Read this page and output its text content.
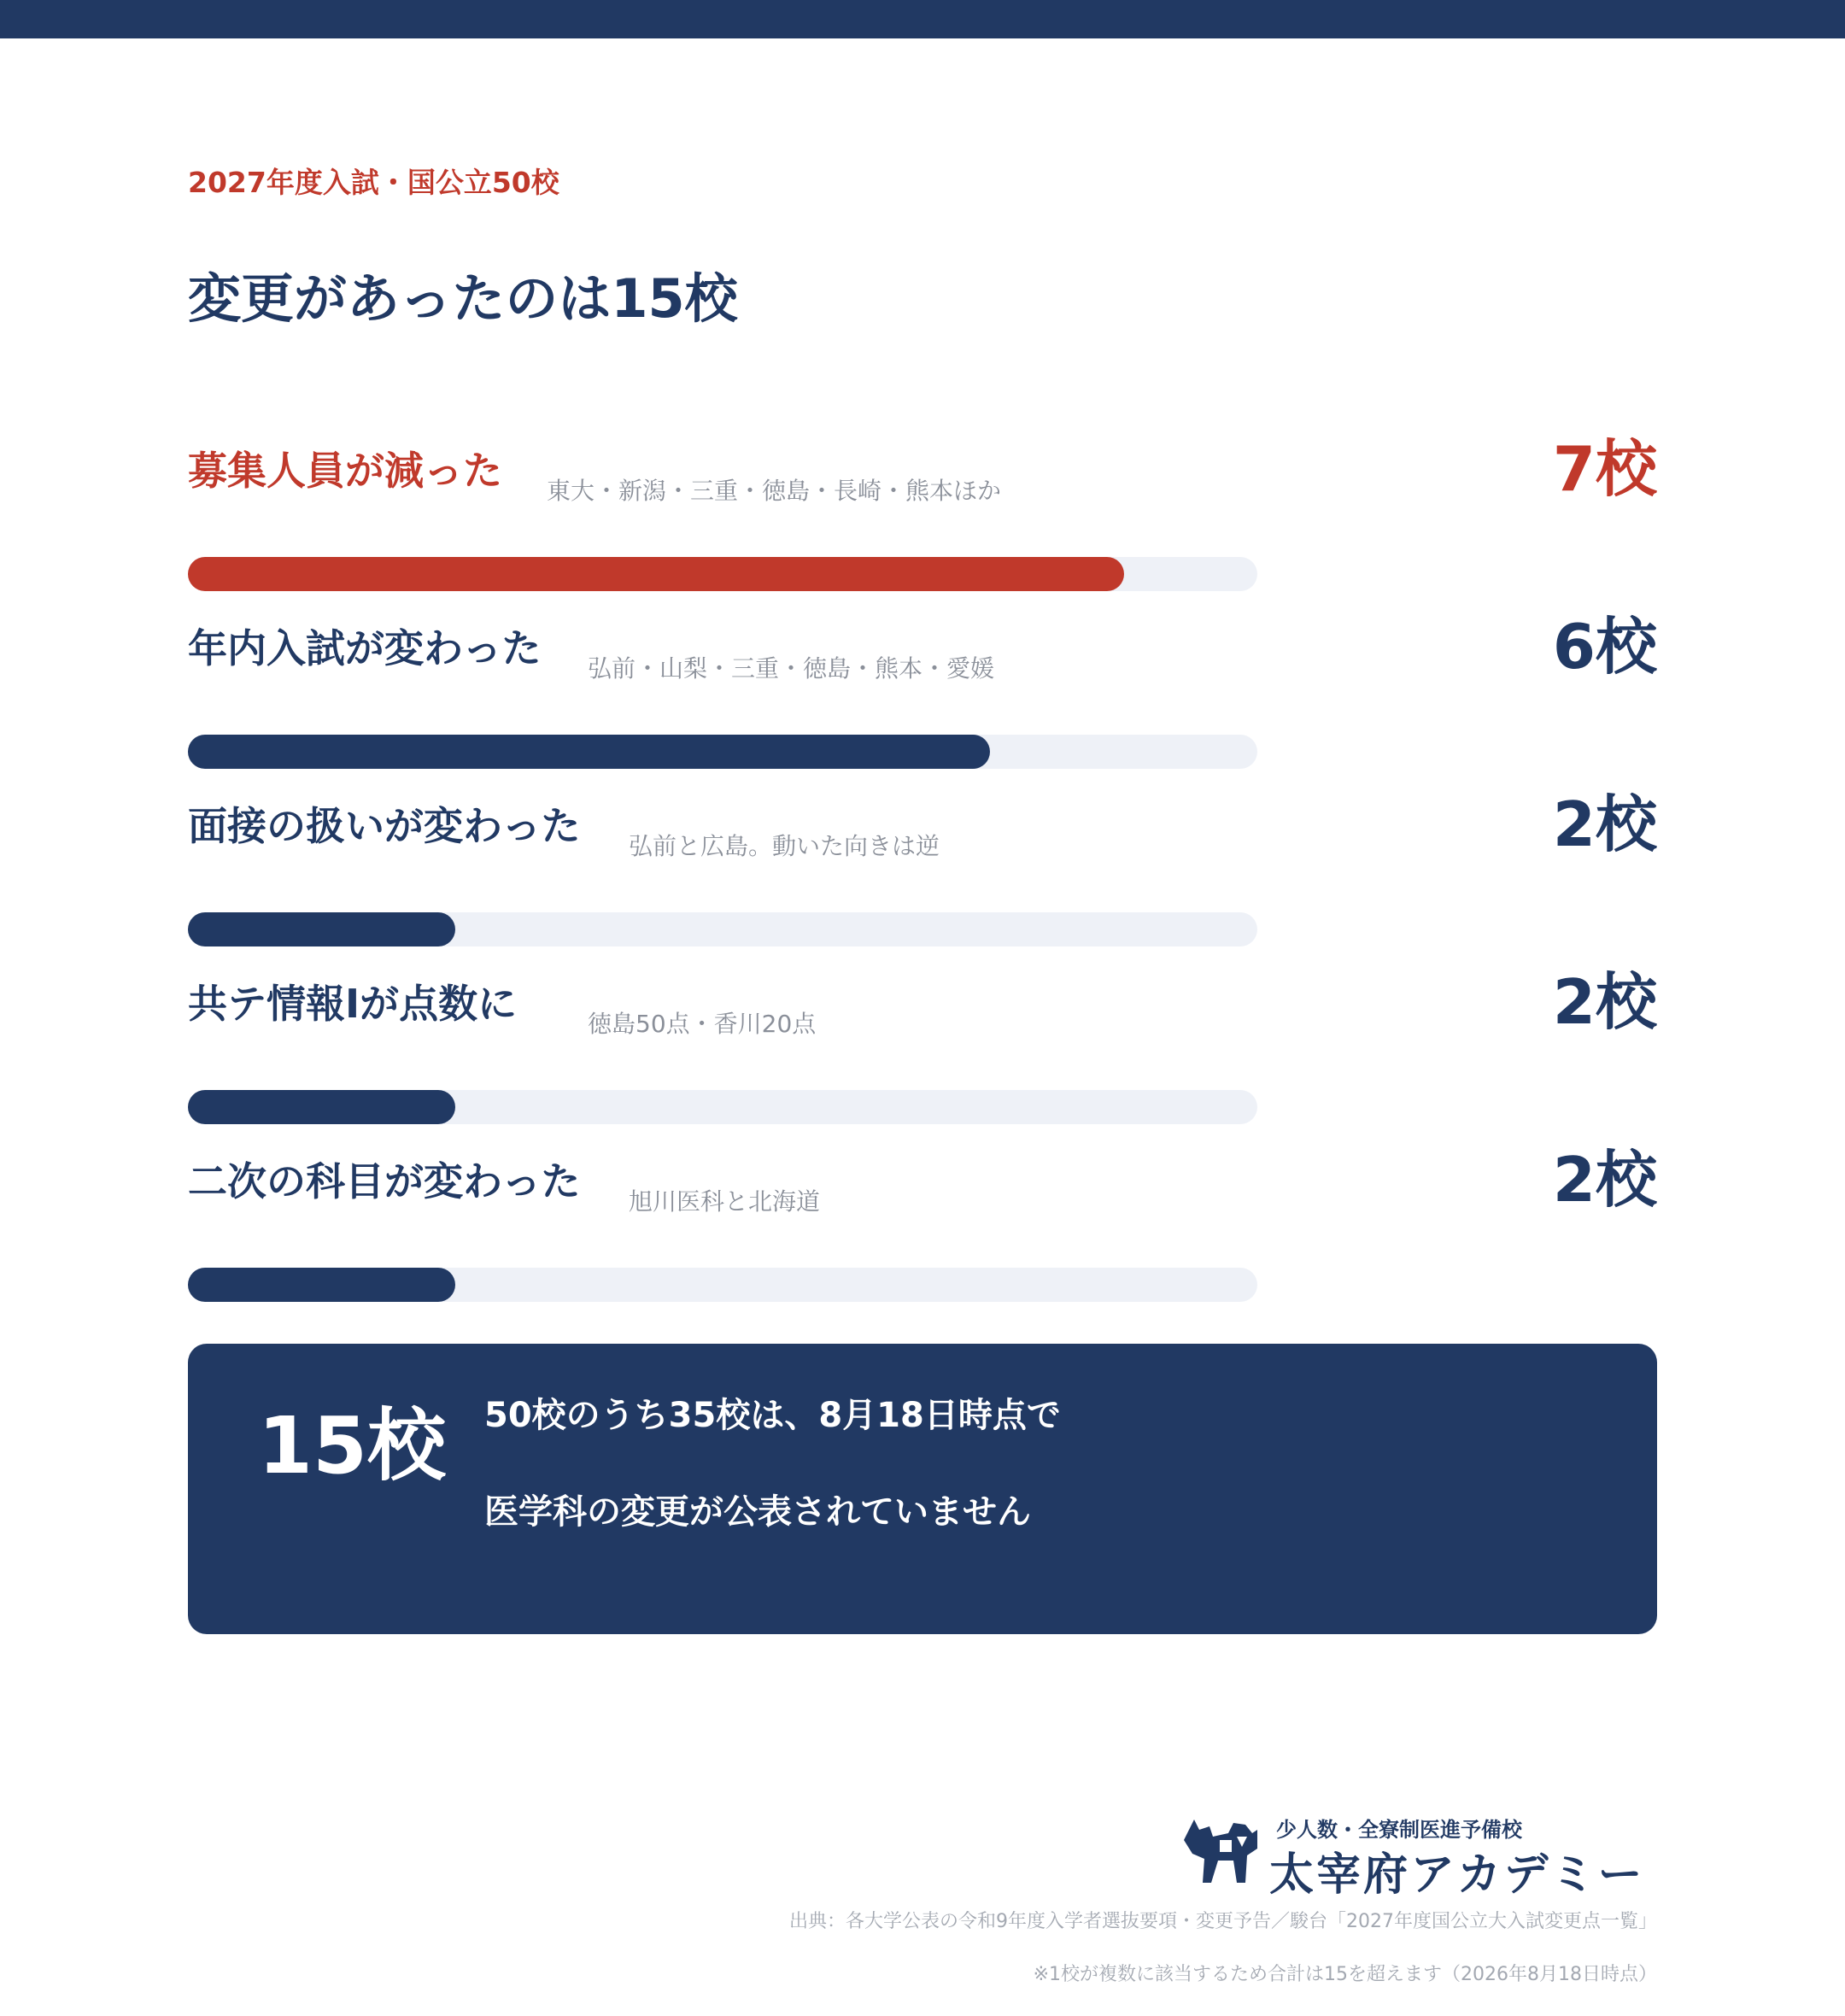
2027年度入試・国公立50校
変更があったのは15校
募集人員が減った 東大・新潟・三重・徳島・長崎・熊本ほか	7校
年内入試が変わった 弘前・山梨・三重・徳島・熊本・愛媛	6校
面接の扱いが変わった 弘前と広島。動いた向きは逆	2校
共テ情報Ⅰが点数に	徳島50点・香川20点	2校
二次の科目が変わった 旭川医科と北海道	2校
15校 50校のうち35校は、8月18日時点で
医学科の変更が公表されていません
少人数・全寮制医進予備校
太宰府アカデミー
出典：各大学公表の令和9年度入学者選抜要項・変更予告／駿台「2027年度国公立大入試変更点一覧」
※1校が複数に該当するため合計は15を超えます（2026年8月18日時点）
